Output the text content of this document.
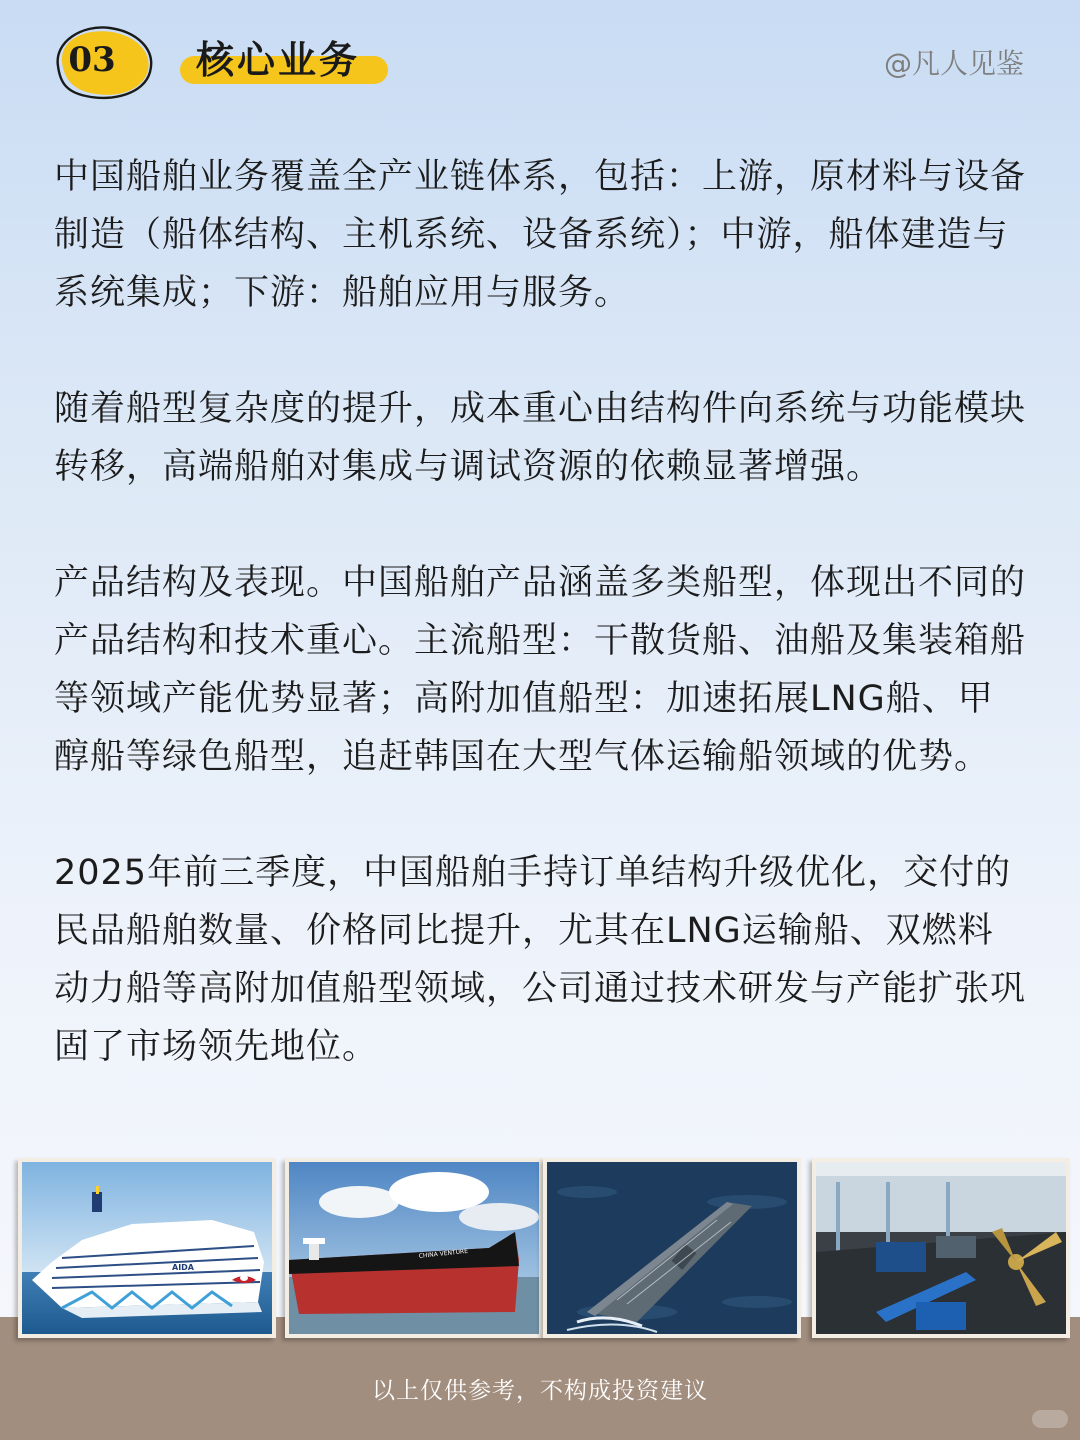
03	核心业务	@凡人见鉴

中国船舶业务覆盖全产业链体系，包括：上游，原材料与设备制造（船体结构、主机系统、设备系统）；中游，船体建造与系统集成；下游：船舶应用与服务。

随着船型复杂度的提升，成本重心由结构件向系统与功能模块转移，高端船舶对集成与调试资源的依赖显著增强。

产品结构及表现。中国船舶产品涵盖多类船型，体现出不同的产品结构和技术重心。主流船型：干散货船、油船及集装箱船等领域产能优势显著；高附加值船型：加速拓展LNG船、甲醇船等绿色船型，追赶韩国在大型气体运输船领域的优势。

2025年前三季度，中国船舶手持订单结构升级优化，交付的民品船舶数量、价格同比提升，尤其在LNG运输船、双燃料动力船等高附加值船型领域，公司通过技术研发与产能扩张巩固了市场领先地位。

AIDA
CHINA VENTURE
以上仅供参考，不构成投资建议
